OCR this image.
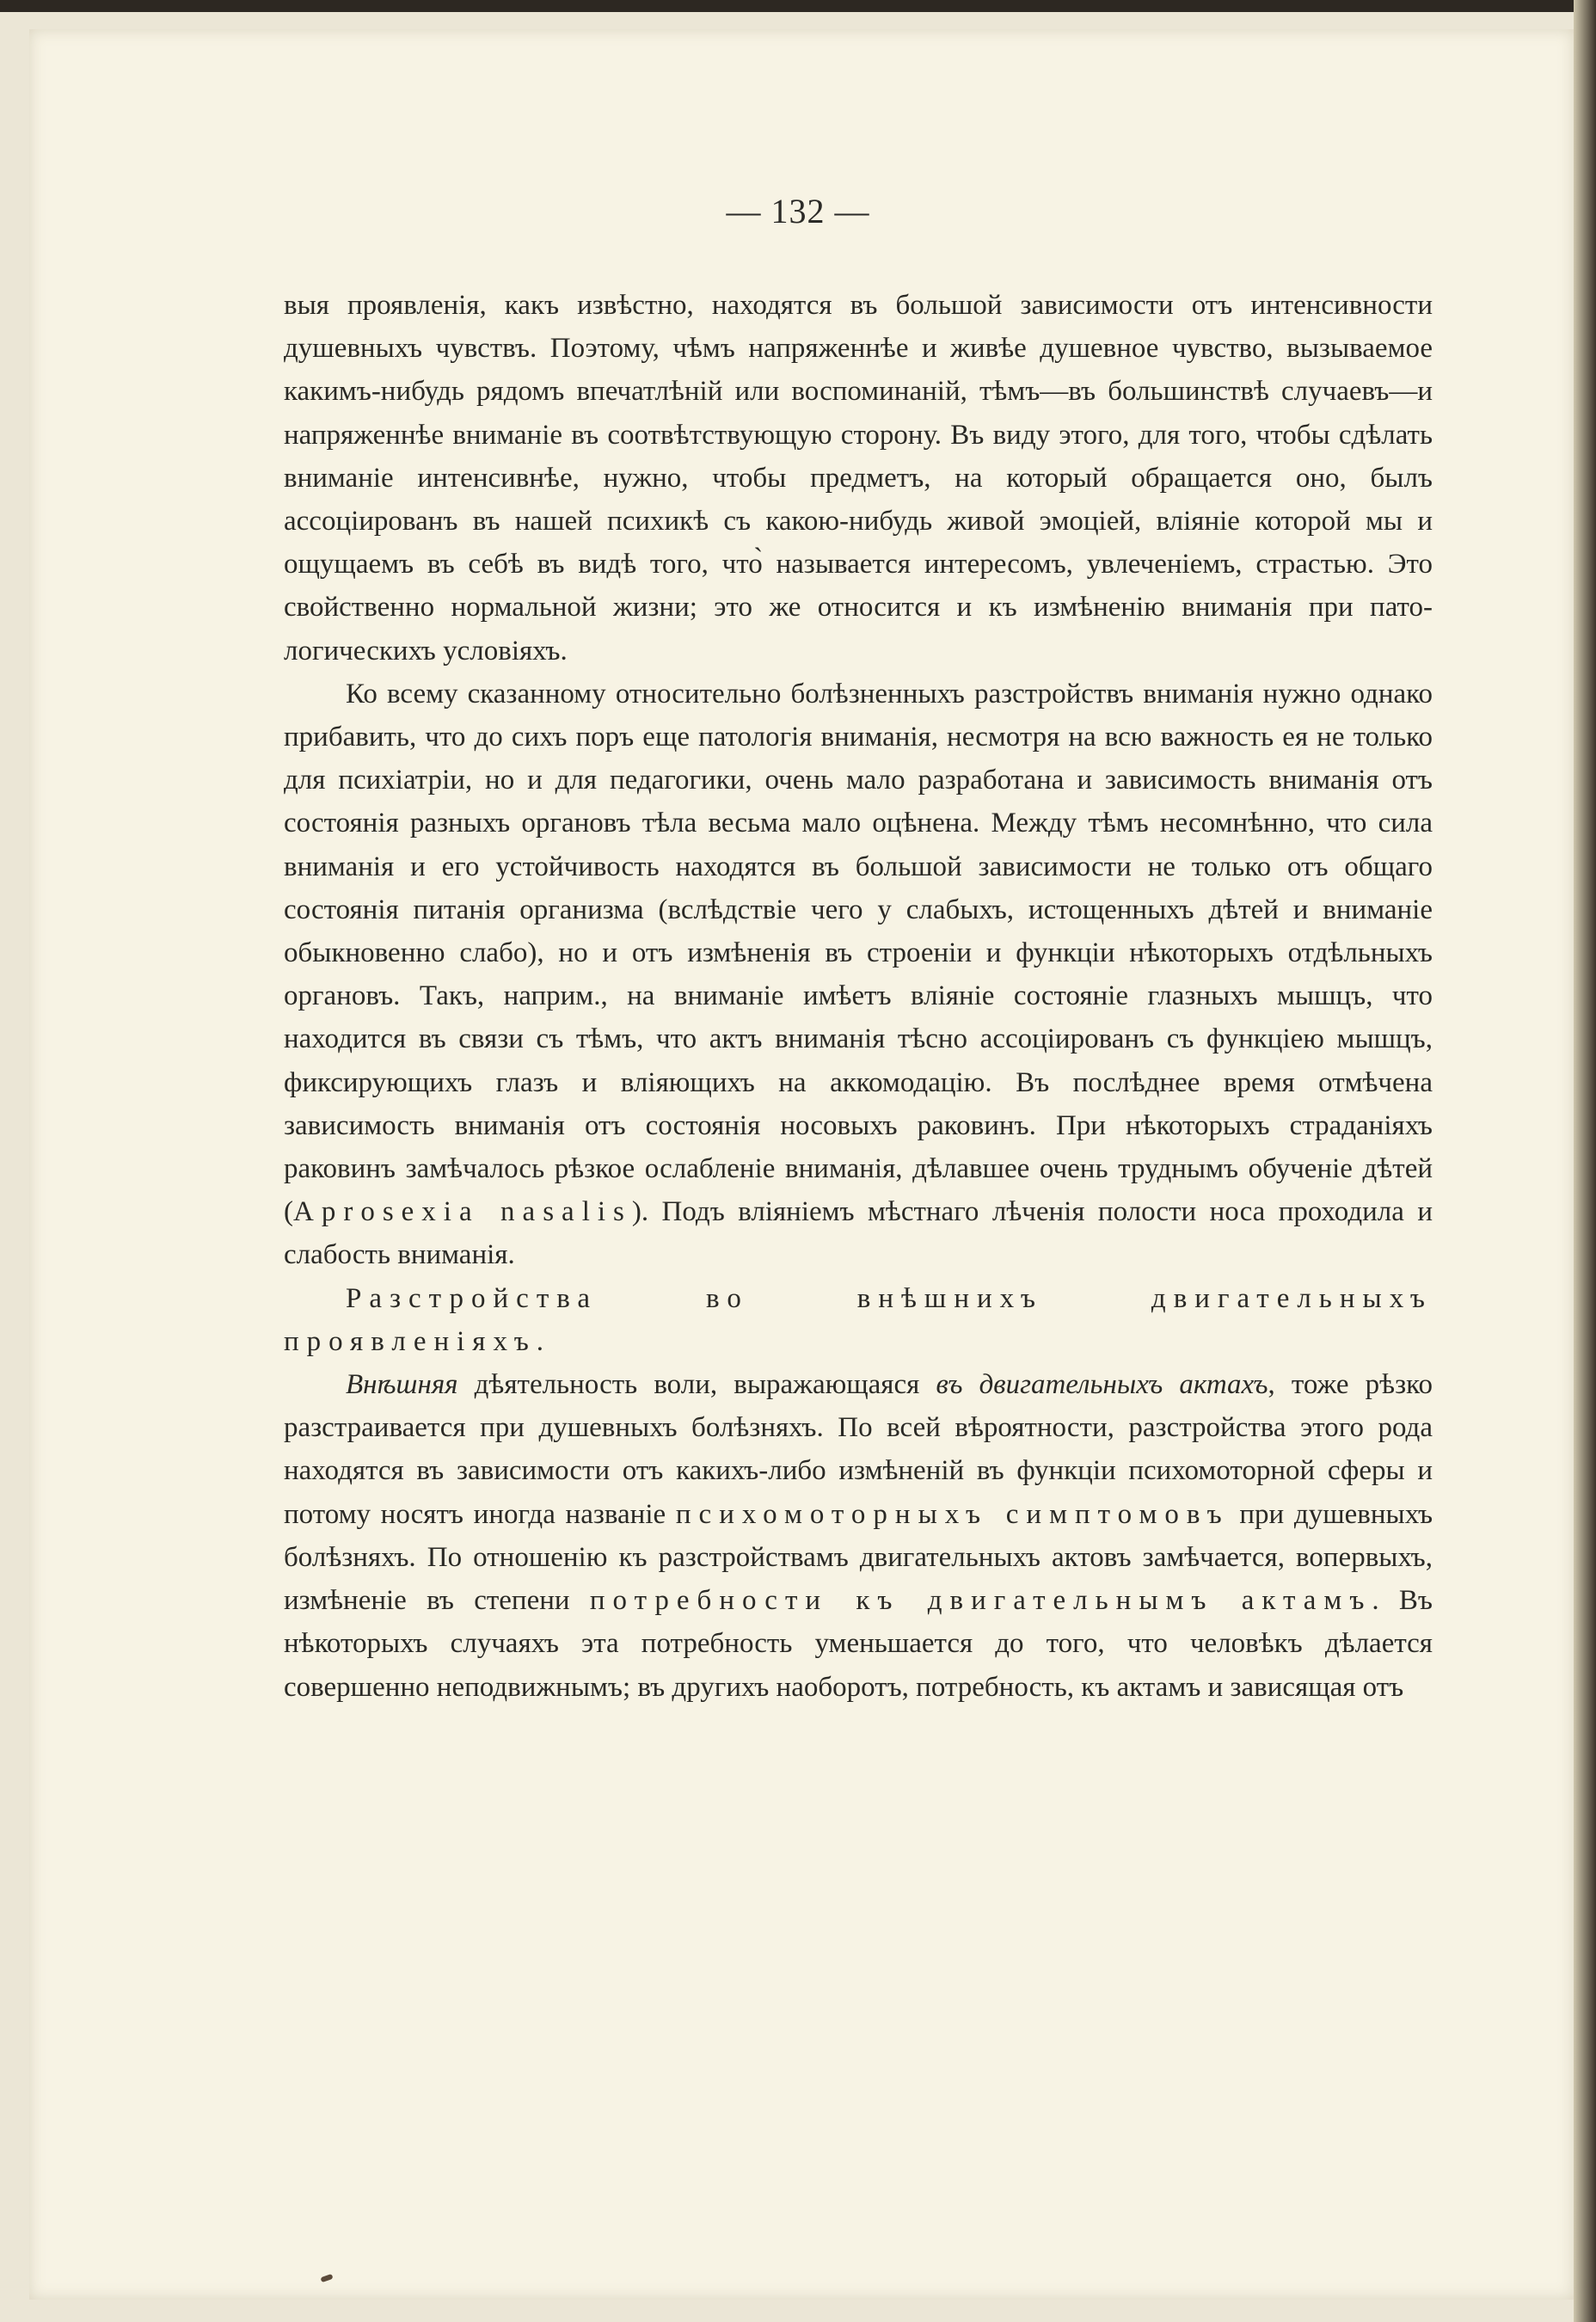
— 132 —

выя проявленія, какъ извѣстно, находятся въ большой зависимости отъ интенсивности душевныхъ чувствъ. Поэтому, чѣмъ напряженнѣе и живѣе душевное чувство, вызываемое какимъ-нибудь рядомъ впечатлѣній или воспоминаній, тѣмъ—въ большинствѣ случаевъ—и напряженнѣе вниманіе въ соотвѣтствующую сторону. Въ виду этого, для того, чтобы сдѣлать вниманіе интенсивнѣе, нужно, чтобы предметъ, на который обращается оно, былъ ассоціированъ въ нашей психикѣ съ какою-нибудь живой эмоціей, вліяніе которой мы и ощущаемъ въ себѣ въ видѣ того, что̀ называется интересомъ, увлеченіемъ, страстью. Это свойственно нормальной жизни; это же относится и къ измѣненію вниманія при патологическихъ условіяхъ.

Ко всему сказанному относительно болѣзненныхъ разстройствъ вниманія нужно однако прибавить, что до сихъ поръ еще патологія вниманія, несмотря на всю важность ея не только для психіатріи, но и для педагогики, очень мало разработана и зависимость вниманія отъ состоянія разныхъ органовъ тѣла весьма мало оцѣнена. Между тѣмъ несомнѣнно, что сила вниманія и его устойчивость находятся въ большой зависимости не только отъ общаго состоянія питанія организма (вслѣдствіе чего у слабыхъ, истощенныхъ дѣтей и вниманіе обыкновенно слабо), но и отъ измѣненія въ строеніи и функціи нѣкоторыхъ отдѣльныхъ органовъ. Такъ, наприм., на вниманіе имѣетъ вліяніе состояніе глазныхъ мышцъ, что находится въ связи съ тѣмъ, что актъ вниманія тѣсно ассоціированъ съ функціею мышцъ, фиксирующихъ глазъ и вліяющихъ на аккомодацію. Въ послѣднее время отмѣчена зависимость вниманія отъ состоянія носовыхъ раковинъ. При нѣкоторыхъ страданіяхъ раковинъ замѣчалось рѣзкое ослабленіе вниманія, дѣлавшее очень труднымъ обученіе дѣтей (Aprosexia nasalis). Подъ вліяніемъ мѣстнаго лѣченія полости носа проходила и слабость вниманія.

Разстройства во внѣшнихъ двигательныхъ проявленіяхъ.

Внѣшняя дѣятельность воли, выражающаяся въ двигательныхъ актахъ, тоже рѣзко разстраивается при душевныхъ болѣзняхъ. По всей вѣроятности, разстройства этого рода находятся въ зависимости отъ какихъ-либо измѣненій въ функціи психомоторной сферы и потому носятъ иногда названіе психомоторныхъ симптомовъ при душевныхъ болѣзняхъ. По отношенію къ разстройствамъ двигательныхъ актовъ замѣчается, вопервыхъ, измѣненіе въ степени потребности къ двигательнымъ актамъ. Въ нѣкоторыхъ случаяхъ эта потребность уменьшается до того, что человѣкъ дѣлается совершенно неподвижнымъ; въ другихъ наоборотъ, потребность, къ актамъ и зависящая отъ
